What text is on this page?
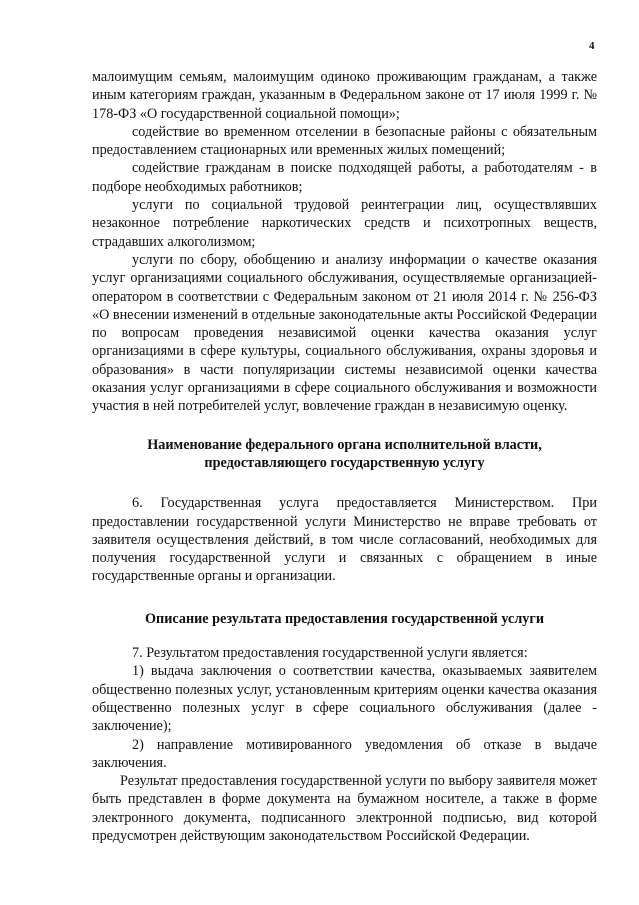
4

малоимущим семьям, малоимущим одиноко проживающим гражданам, а также иным категориям граждан, указанным в Федеральном законе от 17 июля 1999 г. № 178-ФЗ «О государственной социальной помощи»;

содействие во временном отселении в безопасные районы с обязательным предоставлением стационарных или временных жилых помещений;

содействие гражданам в поиске подходящей работы, а работодателям - в подборе необходимых работников;

услуги по социальной трудовой реинтеграции лиц, осуществлявших незаконное потребление наркотических средств и психотропных веществ, страдавших алкоголизмом;

услуги по сбору, обобщению и анализу информации о качестве оказания услуг организациями социального обслуживания, осуществляемые организацией-оператором в соответствии с Федеральным законом от 21 июля 2014 г. № 256-ФЗ «О внесении изменений в отдельные законодательные акты Российской Федерации по вопросам проведения независимой оценки качества оказания услуг организациями в сфере культуры, социального обслуживания, охраны здоровья и образования» в части популяризации системы независимой оценки качества оказания услуг организациями в сфере социального обслуживания и возможности участия в ней потребителей услуг, вовлечение граждан в независимую оценку.

Наименование федерального органа исполнительной власти, предоставляющего государственную услугу

6. Государственная услуга предоставляется Министерством. При предоставлении государственной услуги Министерство не вправе требовать от заявителя осуществления действий, в том числе согласований, необходимых для получения государственной услуги и связанных с обращением в иные государственные органы и организации.

Описание результата предоставления государственной услуги

7. Результатом предоставления государственной услуги является:

1) выдача заключения о соответствии качества, оказываемых заявителем общественно полезных услуг, установленным критериям оценки качества оказания общественно полезных услуг в сфере социального обслуживания (далее - заключение);

2) направление мотивированного уведомления об отказе в выдаче заключения.

Результат предоставления государственной услуги по выбору заявителя может быть представлен в форме документа на бумажном носителе, а также в форме электронного документа, подписанного электронной подписью, вид которой предусмотрен действующим законодательством Российской Федерации.
